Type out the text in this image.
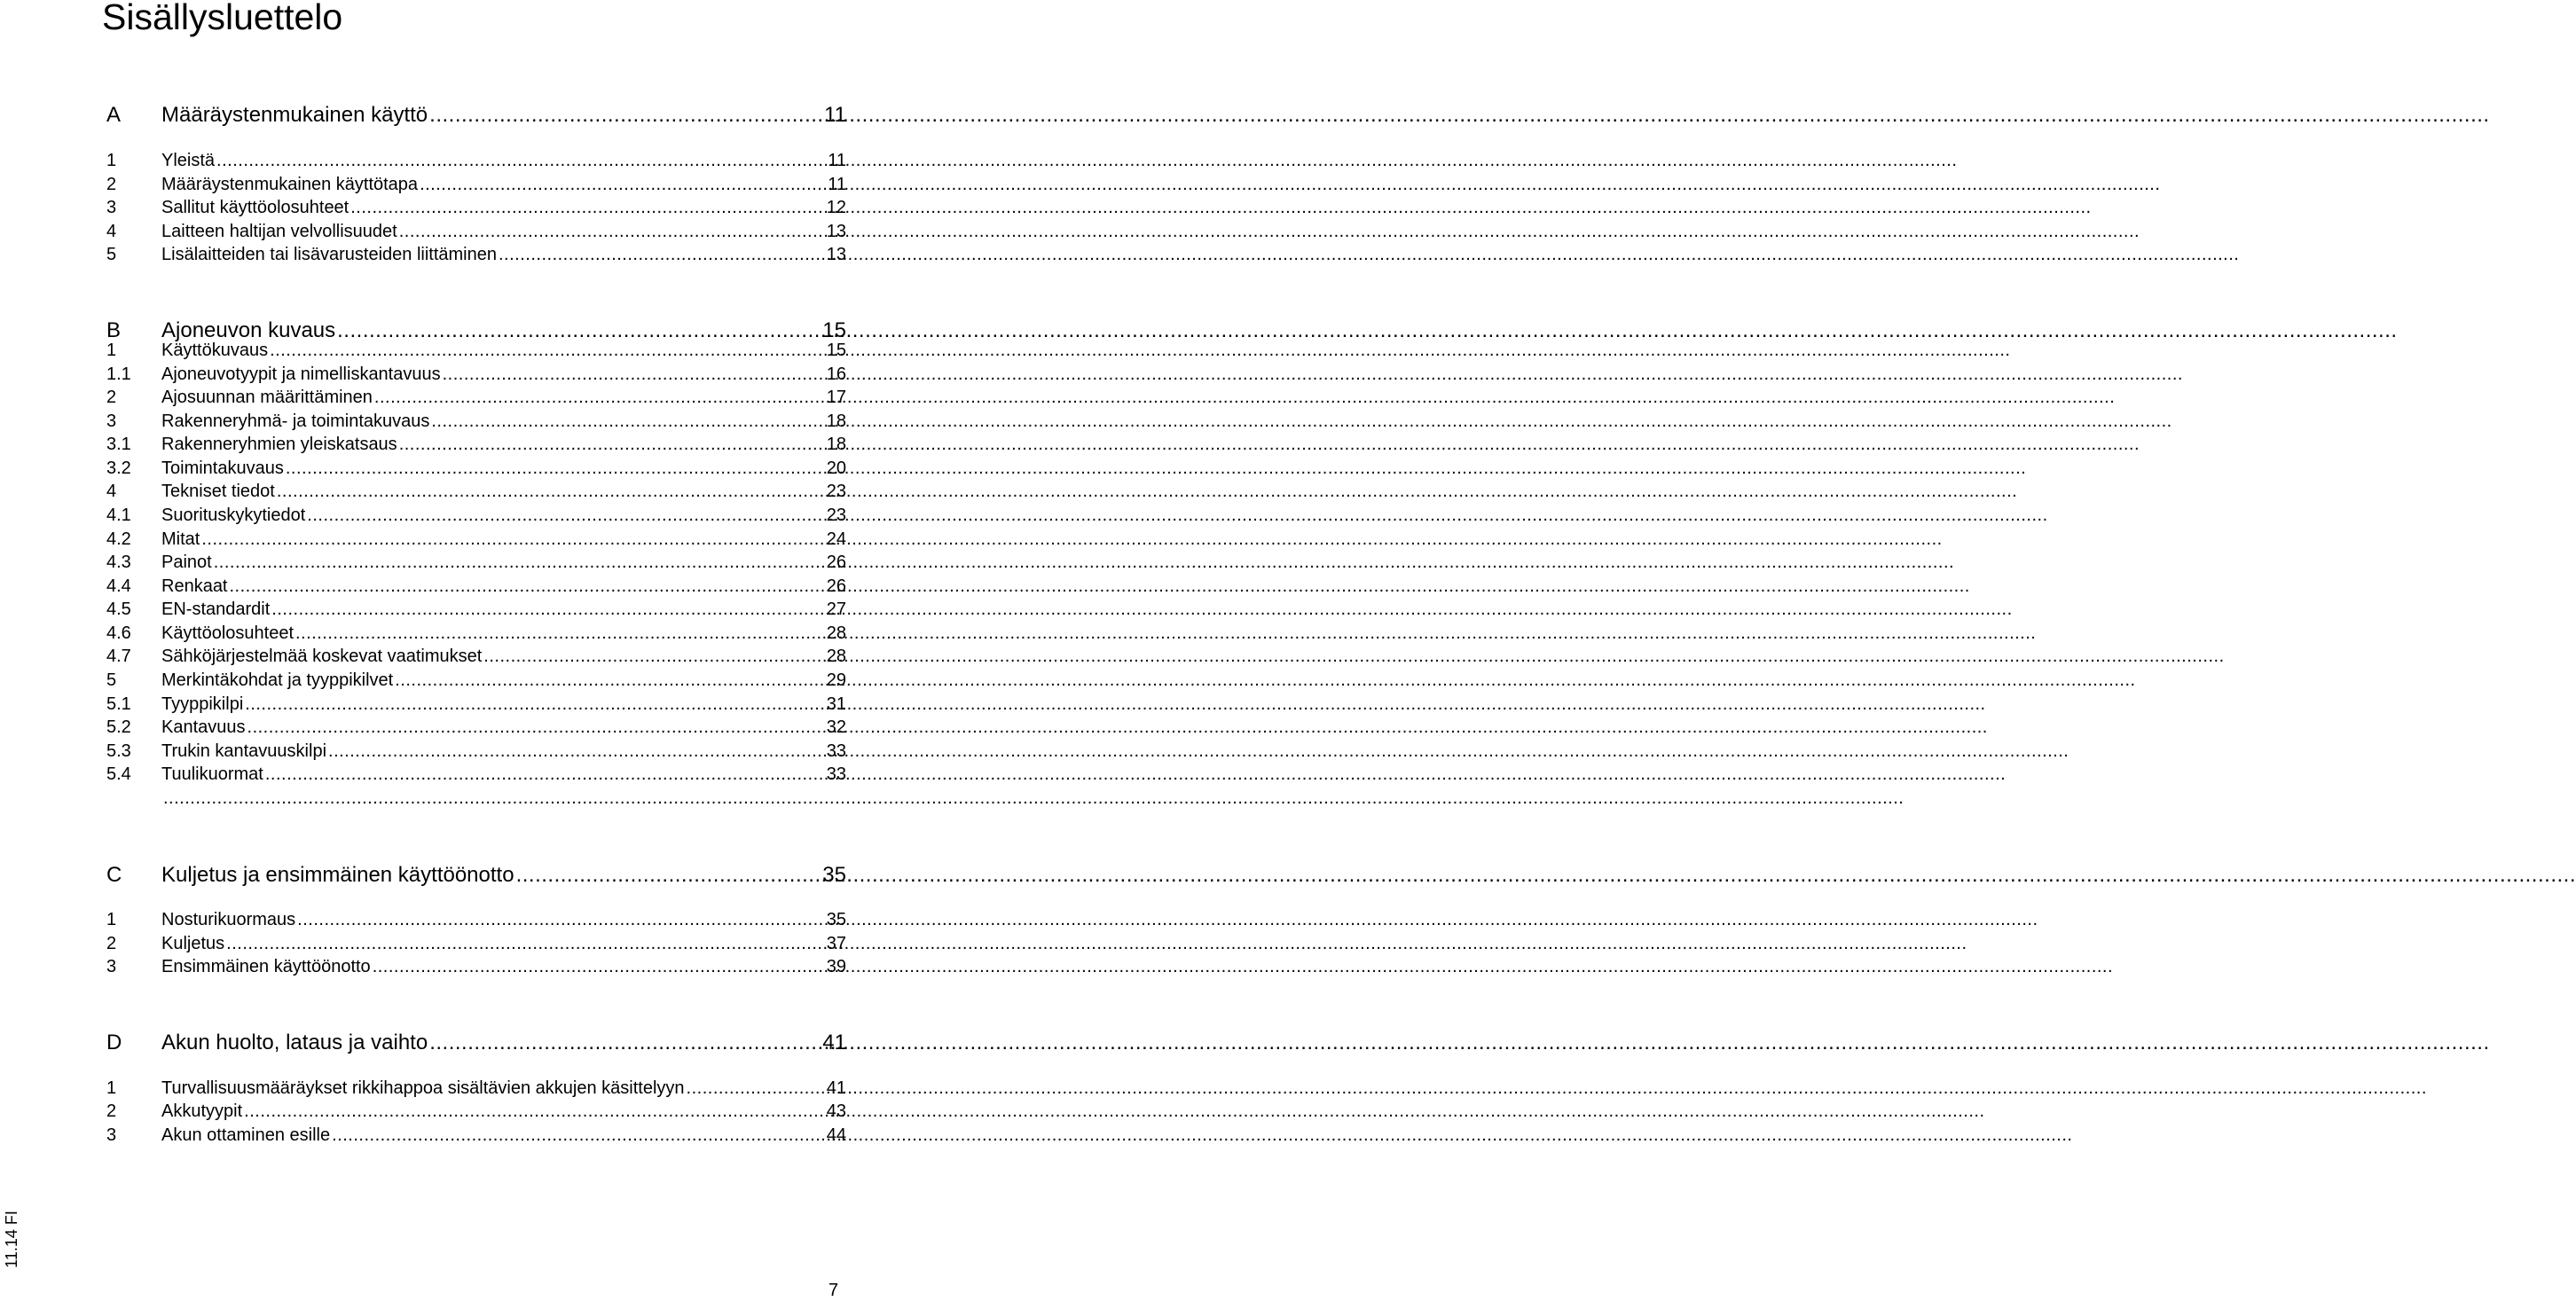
Sisällysluettelo
A	Määräystenmukainen käyttö .....	11
1	Yleistä .....	11
2	Määräystenmukainen käyttötapa .....	11
3	Sallitut käyttöolosuhteet .....	12
4	Laitteen haltijan velvollisuudet .....	13
5	Lisälaitteiden tai lisävarusteiden liittäminen .....	13
B	Ajoneuvon kuvaus .....	15
1	Käyttökuvaus .....	15
1.1	Ajoneuvotyypit ja nimelliskantavuus .....	16
2	Ajosuunnan määrittäminen .....	17
3	Rakenneryhmä- ja toimintakuvaus .....	18
3.1	Rakenneryhmien yleiskatsaus .....	18
3.2	Toimintakuvaus .....	20
4	Tekniset tiedot .....	23
4.1	Suorituskykytiedot .....	23
4.2	Mitat .....	24
4.3	Painot .....	26
4.4	Renkaat .....	26
4.5	EN-standardit .....	27
4.6	Käyttöolosuhteet .....	28
4.7	Sähköjärjestelmää koskevat vaatimukset .....	28
5	Merkintäkohdat ja tyyppikilvet .....	29
5.1	Tyyppikilpi .....	31
5.2	Kantavuus .....	32
5.3	Trukin kantavuuskilpi .....	33
5.4	Tuulikuormat .....	33
.....
C	Kuljetus ja ensimmäinen käyttöönotto .....	35
1	Nosturikuormaus .....	35
2	Kuljetus .....	37
3	Ensimmäinen käyttöönotto .....	39
D	Akun huolto, lataus ja vaihto .....	41
1	Turvallisuusmääräykset rikkihappoa sisältävien akkujen käsittelyyn .....	41
2	Akkutyypit .....	43
3	Akun ottaminen esille .....	44
11.14 FI
7
